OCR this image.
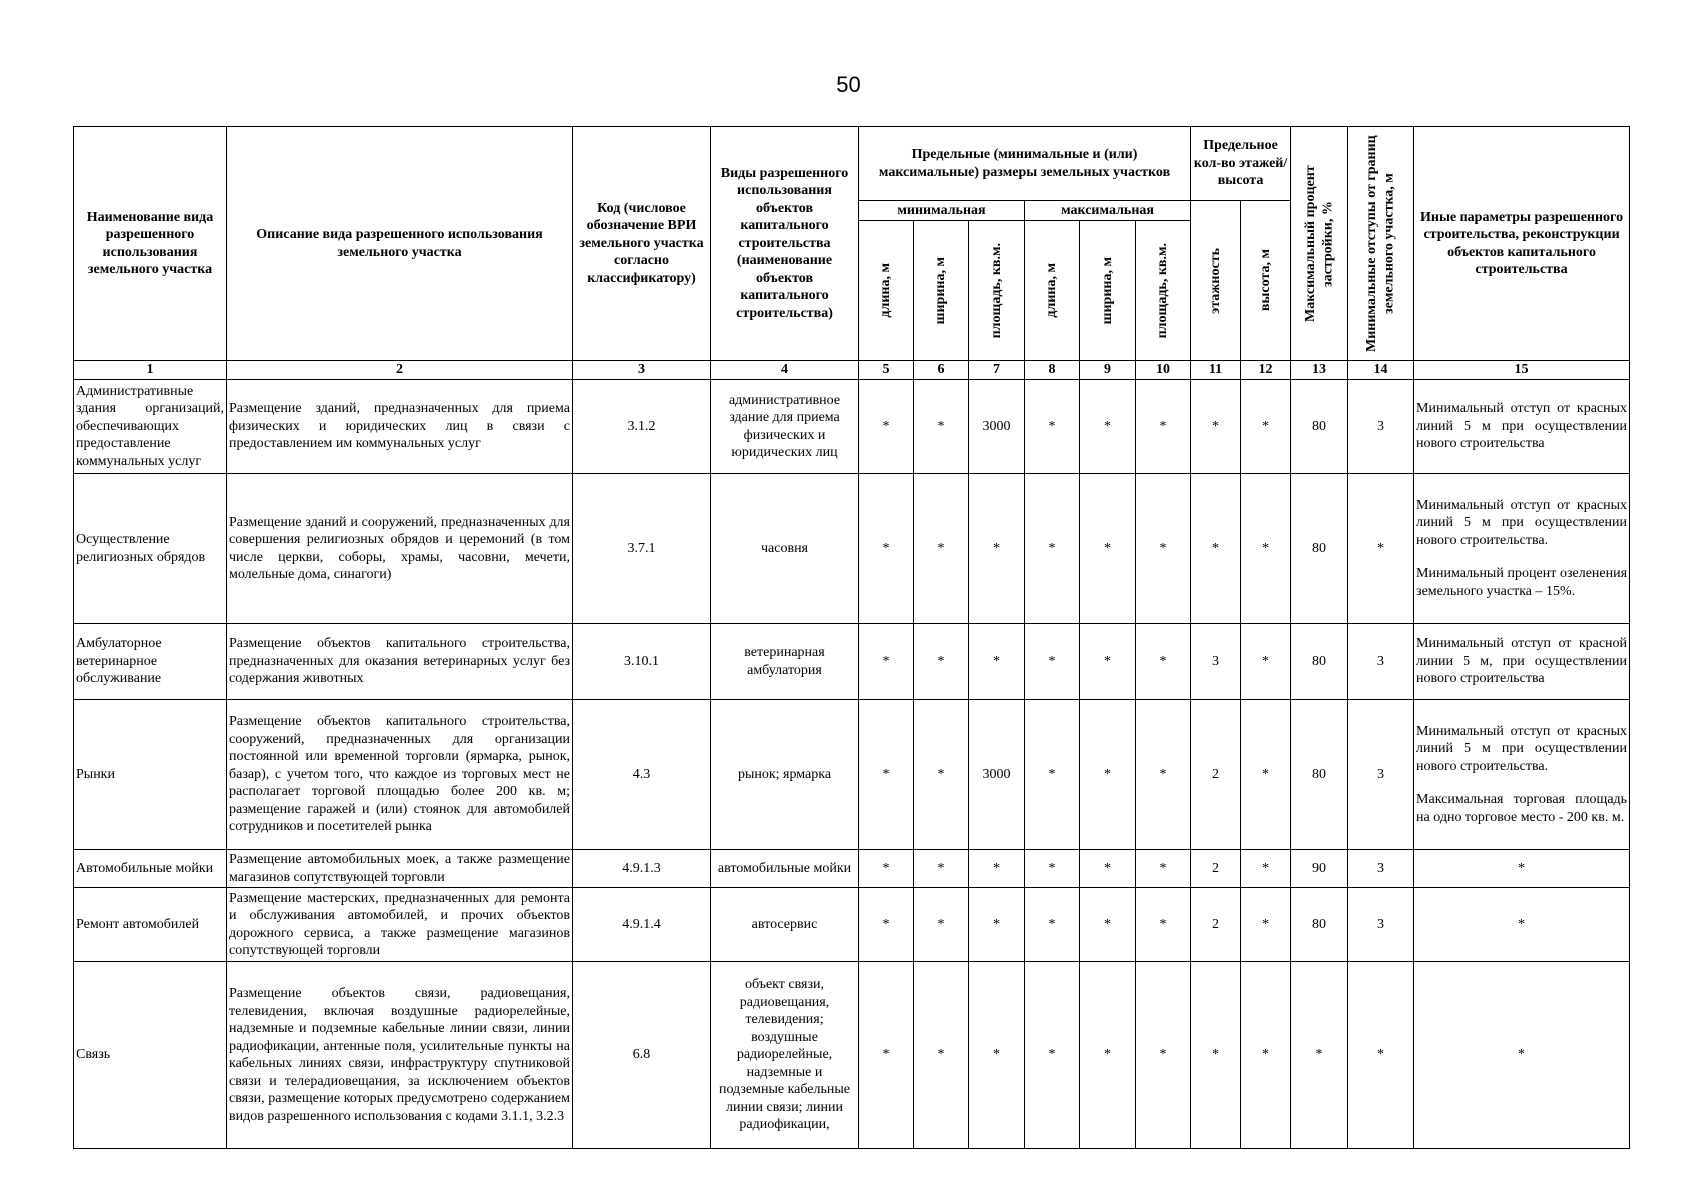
50
Наименование вида разрешенного использования земельного участка	Описание вида разрешенного использования земельного участка	Код (числовое обозначение ВРИ земельного участка согласно классификатору)	Виды разрешенного использования объектов капитального строительства (наименование объектов капитального строительства)	Предельные (минимальные и (или) максимальные) размеры земельных участков						Предельное кол-во этажей/ высота		Максимальный процент застройки, %	Минимальные отступы от границ земельного участка, м	Иные параметры разрешенного строительства, реконструкции объектов капитального строительства
				минимальная			максимальная			этажность	высота, м			

				длина, м	ширина, м	площадь, кв.м.	длина, м	ширина, м	площадь, кв.м.					

1	2	3	4	5	6	7	8	9	10	11	12	13	14	15
Административные здания организаций, обеспечивающих предоставление коммунальных услуг	Размещение зданий, предназначенных для приема физических и юридических лиц в связи с предоставлением им коммунальных услуг	3.1.2	административное здание для приема физических и юридических лиц	*	*	3000	*	*	*	*	*	80	3	Минимальный отступ от красных линий 5 м при осуществлении нового строительства

Осуществление религиозных обрядов	Размещение зданий и сооружений, предназначенных для совершения религиозных обрядов и церемоний (в том числе церкви, соборы, храмы, часовни, мечети, молельные дома, синагоги)	3.7.1	часовня	*	*	*	*	*	*	*	*	80	*	Минимальный отступ от красных линий 5 м при осуществлении нового строительства.
Минимальный процент озеленения земельного участка – 15%.

Амбулаторное ветеринарное обслуживание	Размещение объектов капитального строительства, предназначенных для оказания ветеринарных услуг без содержания животных	3.10.1	ветеринарная амбулатория	*	*	*	*	*	*	3	*	80	3	Минимальный отступ от красной линии 5 м, при осуществлении нового строительства

Рынки	Размещение объектов капитального строительства, сооружений, предназначенных для организации постоянной или временной торговли (ярмарка, рынок, базар), с учетом того, что каждое из торговых мест не располагает торговой площадью более 200 кв. м; размещение гаражей и (или) стоянок для автомобилей сотрудников и посетителей рынка	4.3	рынок; ярмарка	*	*	3000	*	*	*	2	*	80	3	Минимальный отступ от красных линий 5 м при осуществлении нового строительства.
Максимальная торговая площадь на одно торговое место - 200 кв. м.

Автомобильные мойки	Размещение автомобильных моек, а также размещение магазинов сопутствующей торговли	4.9.1.3	автомобильные мойки	*	*	*	*	*	*	2	*	90	3	*
Ремонт автомобилей	Размещение мастерских, предназначенных для ремонта и обслуживания автомобилей, и прочих объектов дорожного сервиса, а также размещение магазинов сопутствующей торговли	4.9.1.4	автосервис	*	*	*	*	*	*	2	*	80	3	*
Связь	Размещение объектов связи, радиовещания, телевидения, включая воздушные радиорелейные, надземные и подземные кабельные линии связи, линии радиофикации, антенные поля, усилительные пункты на кабельных линиях связи, инфраструктуру спутниковой связи и телерадиовещания, за исключением объектов связи, размещение которых предусмотрено содержанием видов разрешенного использования с кодами 3.1.1, 3.2.3	6.8	объект связи, радиовещания, телевидения; воздушные радиорелейные, надземные и подземные кабельные линии связи; линии радиофикации,	*	*	*	*	*	*	*	*	*	*	*
